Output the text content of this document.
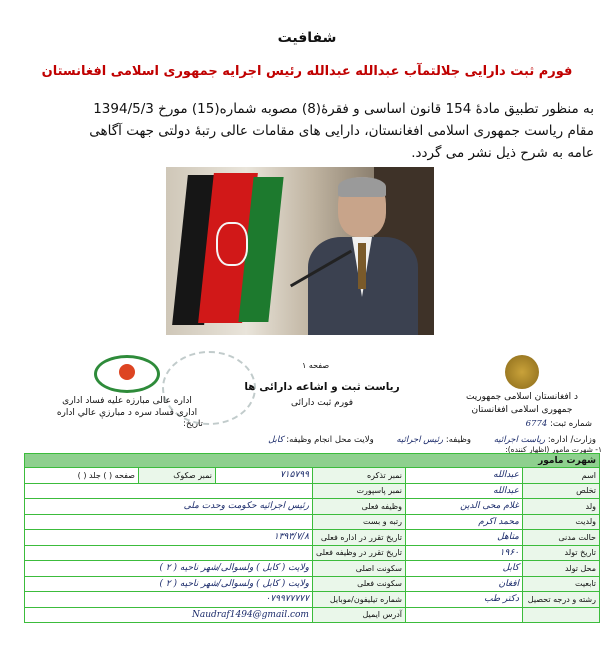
شفافیت
فورم ثبت دارایی جلالتمآب عبدالله عبدالله رئیس اجرایه جمهوری اسلامی افغانستان
به منظور تطبیق مادۀ 154 قانون اساسی و فقرۀ(8) مصوبه شماره(15) مورخ 1394/5/3
مقام ریاست جمهوری اسلامی افغانستان، دارایی های مقامات عالی رتبۀ دولتی جهت آگاهی
عامه به شرح ذیل نشر می گردد.
د افغانستان اسلامی جمهوریت
جمهوری اسلامی افغانستان
صفحه ۱
ریاست ثبت و اشاعه دارائی ها
فورم ثبت دارائی
اداره عالی مبارزه علیه فساد اداری
اداری فساد سره د مبارزې عالي اداره
شماره ثبت: 6774 تاریخ:
وزارت/ اداره: ریاست اجرائیه وظیفه: رئیس اجرائیه ولایت محل انجام وظیفه: کابل
۱- شهرت مامور (اظهار کننده):
شهرت مامور					
اسم	عبدالله	نمبر تذکره	۷۱۵۷۹۹	نمبر صکوک	صفحه ( ) جلد ( )
تخلص	عبدالله	نمبر پاسپورت			
ولد	غلام محی الدین	وظیفه فعلی	رئیس اجرائیه حکومت وحدت ملی		
ولدیت	محمد اکرم	رتبه و بست			
حالت مدنی	متاهل	تاریخ تقرر در اداره فعلی	۱۳۹۳/۷/۸		
تاریخ تولد	۱۹۶۰	تاریخ تقرر در وظیفه فعلی			
محل تولد	کابل	سکونت اصلی	ولایت ( کابل ) ولسوالی/شهر ناحیه ( ۲ )		
تابعیت	افغان	سکونت فعلی	ولایت ( کابل ) ولسوالی/شهر ناحیه ( ۲ )		
رشته و درجه تحصیل	دکتر طب	شماره تیلیفون/موبایل	۰۷۹۹۷۷۷۷۷		
		آدرس ایمیل	Naudraf1494@gmail.com		
